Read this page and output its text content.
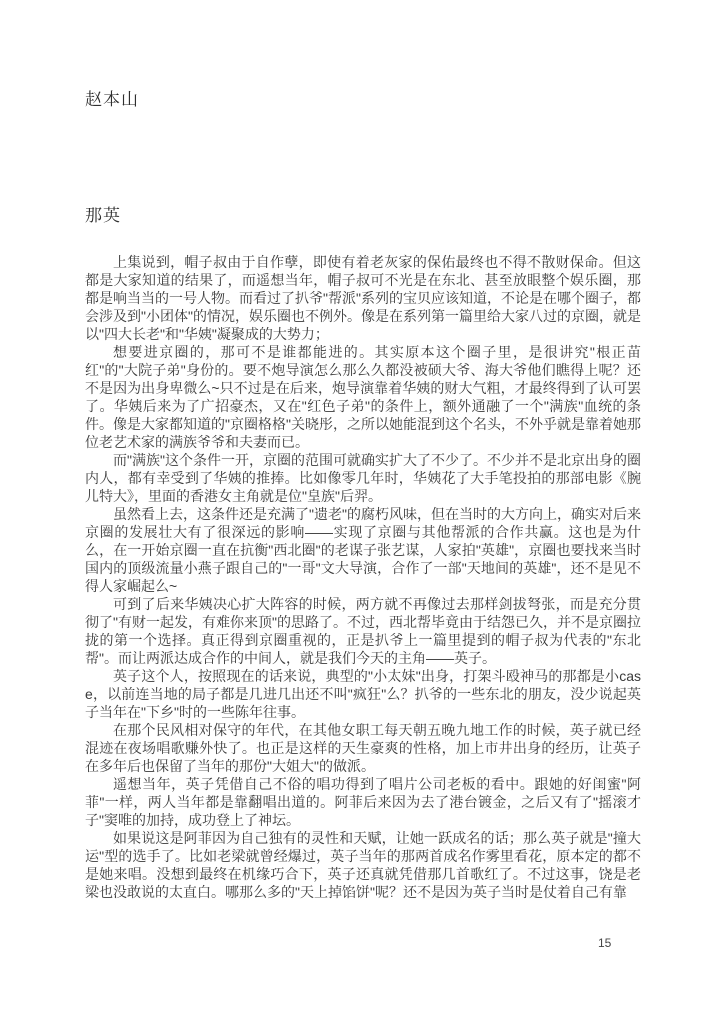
赵本山
那英

上集说到，帽子叔由于自作孽，即使有着老灰家的保佑最终也不得不散财保命。但这都是大家知道的结果了，而遥想当年，帽子叔可不光是在东北、甚至放眼整个娱乐圈，那都是响当当的一号人物。而看过了扒爷"帮派"系列的宝贝应该知道，不论是在哪个圈子，都会涉及到"小团体"的情况，娱乐圈也不例外。像是在系列第一篇里给大家八过的京圈，就是以"四大长老"和"华姨"凝聚成的大势力；

想要进京圈的，那可不是谁都能进的。其实原本这个圈子里，是很讲究"根正苗红"的"大院子弟"身份的。要不炮导演怎么那么久都没被硕大爷、海大爷他们瞧得上呢？还不是因为出身卑微么~只不过是在后来，炮导演靠着华姨的财大气粗，才最终得到了认可罢了。华姨后来为了广招豪杰，又在"红色子弟"的条件上，额外通融了一个"满族"血统的条件。像是大家都知道的"京圈格格"关晓彤，之所以她能混到这个名头，不外乎就是靠着她那位老艺术家的满族爷爷和夫妻而已。

而"满族"这个条件一开，京圈的范围可就确实扩大了不少了。不少并不是北京出身的圈内人，都有幸受到了华姨的推捧。比如像零几年时，华姨花了大手笔投拍的那部电影《腕儿特大》，里面的香港女主角就是位"皇族"后羿。

虽然看上去，这条件还是充满了"遗老"的腐朽风味，但在当时的大方向上，确实对后来京圈的发展壮大有了很深远的影响——实现了京圈与其他帮派的合作共赢。这也是为什么，在一开始京圈一直在抗衡"西北圈"的老谋子张艺谋，人家拍"英雄"，京圈也要找来当时国内的顶级流量小燕子跟自己的"一哥"文大导演，合作了一部"天地间的英雄"，还不是见不得人家崛起么~

可到了后来华姨决心扩大阵容的时候，两方就不再像过去那样剑拔弩张，而是充分贯彻了"有财一起发，有难你来顶"的思路了。不过，西北帮毕竟由于结怨已久，并不是京圈拉拢的第一个选择。真正得到京圈重视的，正是扒爷上一篇里提到的帽子叔为代表的"东北帮"。而让两派达成合作的中间人，就是我们今天的主角——英子。

英子这个人，按照现在的话来说，典型的"小太妹"出身，打架斗殴神马的那都是小case，以前连当地的局子都是几进几出还不叫"疯狂"么？扒爷的一些东北的朋友，没少说起英子当年在"下乡"时的一些陈年往事。

在那个民风相对保守的年代，在其他女职工每天朝五晚九地工作的时候，英子就已经混迹在夜场唱歌赚外快了。也正是这样的天生豪爽的性格，加上市井出身的经历，让英子在多年后也保留了当年的那份"大姐大"的做派。

遥想当年，英子凭借自己不俗的唱功得到了唱片公司老板的看中。跟她的好闺蜜"阿菲"一样，两人当年都是靠翻唱出道的。阿菲后来因为去了港台镀金，之后又有了"摇滚才子"窦唯的加持，成功登上了神坛。

如果说这是阿菲因为自己独有的灵性和天赋，让她一跃成名的话；那么英子就是"撞大运"型的选手了。比如老梁就曾经爆过，英子当年的那两首成名作雾里看花，原本定的都不是她来唱。没想到最终在机缘巧合下，英子还真就凭借那几首歌红了。不过这事，饶是老梁也没敢说的太直白。哪那么多的"天上掉馅饼"呢？还不是因为英子当时是仗着自己有靠

15
